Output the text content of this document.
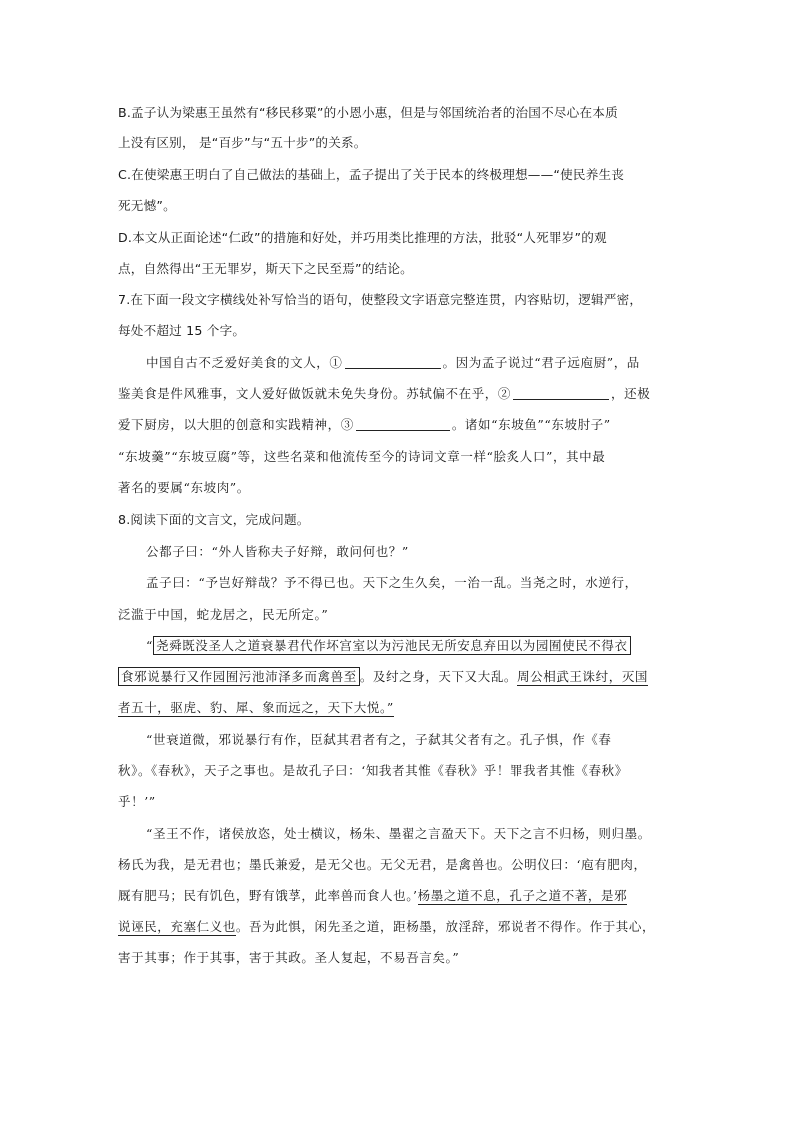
B.孟子认为梁惠王虽然有“移民移粟”的小恩小惠，但是与邻国统治者的治国不尽心在本质
上没有区别， 是“百步”与“五十步”的关系。
C.在使梁惠王明白了自己做法的基础上，孟子提出了关于民本的终极理想——“使民养生丧
死无憾”。
D.本文从正面论述“仁政”的措施和好处，并巧用类比推理的方法，批驳“人死罪岁”的观
点，自然得出“王无罪岁，斯天下之民至焉”的结论。
7.在下面一段文字横线处补写恰当的语句，使整段文字语意完整连贯，内容贴切，逻辑严密，
每处不超过 15 个字。
中国自古不乏爱好美食的文人，①	。因为孟子说过“君子远庖厨”，品
鉴美食是件风雅事，文人爱好做饭就未免失身份。苏轼偏不在乎，②	，还极
爱下厨房，以大胆的创意和实践精神，③	。诸如“东坡鱼”“东坡肘子”
“东坡羹”“东坡豆腐”等，这些名菜和他流传至今的诗词文章一样“脍炙人口”，其中最
著名的要属“东坡肉”。
8.阅读下面的文言文，完成问题。
公都子曰：“外人皆称夫子好辩，敢问何也？”
孟子曰：“予岂好辩哉？予不得已也。天下之生久矣，一治一乱。当尧之时，水逆行，
泛滥于中国，蛇龙居之，民无所定。”
“ 尧舜既没圣人之道衰暴君代作坏宫室以为污池民无所安息弃田以为园囿使民不得衣
食邪说暴行又作园囿污池沛泽多而禽兽至 。及纣之身，天下又大乱。周公相武王诛纣，灭国
者五十，驱虎、豹、犀、象而远之，天下大悦。”
“世衰道微，邪说暴行有作，臣弑其君者有之，子弑其父者有之。孔子惧，作《春
秋》。《春秋》，天子之事也。是故孔子曰：‘知我者其惟《春秋》乎！罪我者其惟《春秋》
乎！’”
“圣王不作，诸侯放恣，处士横议，杨朱、墨翟之言盈天下。天下之言不归杨，则归墨。
杨氏为我，是无君也；墨氏兼爱，是无父也。无父无君，是禽兽也。公明仪曰：‘庖有肥肉，
厩有肥马；民有饥色，野有饿莩，此率兽而食人也。’杨墨之道不息，孔子之道不著，是邪
说诬民，充塞仁义也。吾为此惧，闲先圣之道，距杨墨，放淫辞，邪说者不得作。作于其心，
害于其事；作于其事，害于其政。圣人复起，不易吾言矣。”
